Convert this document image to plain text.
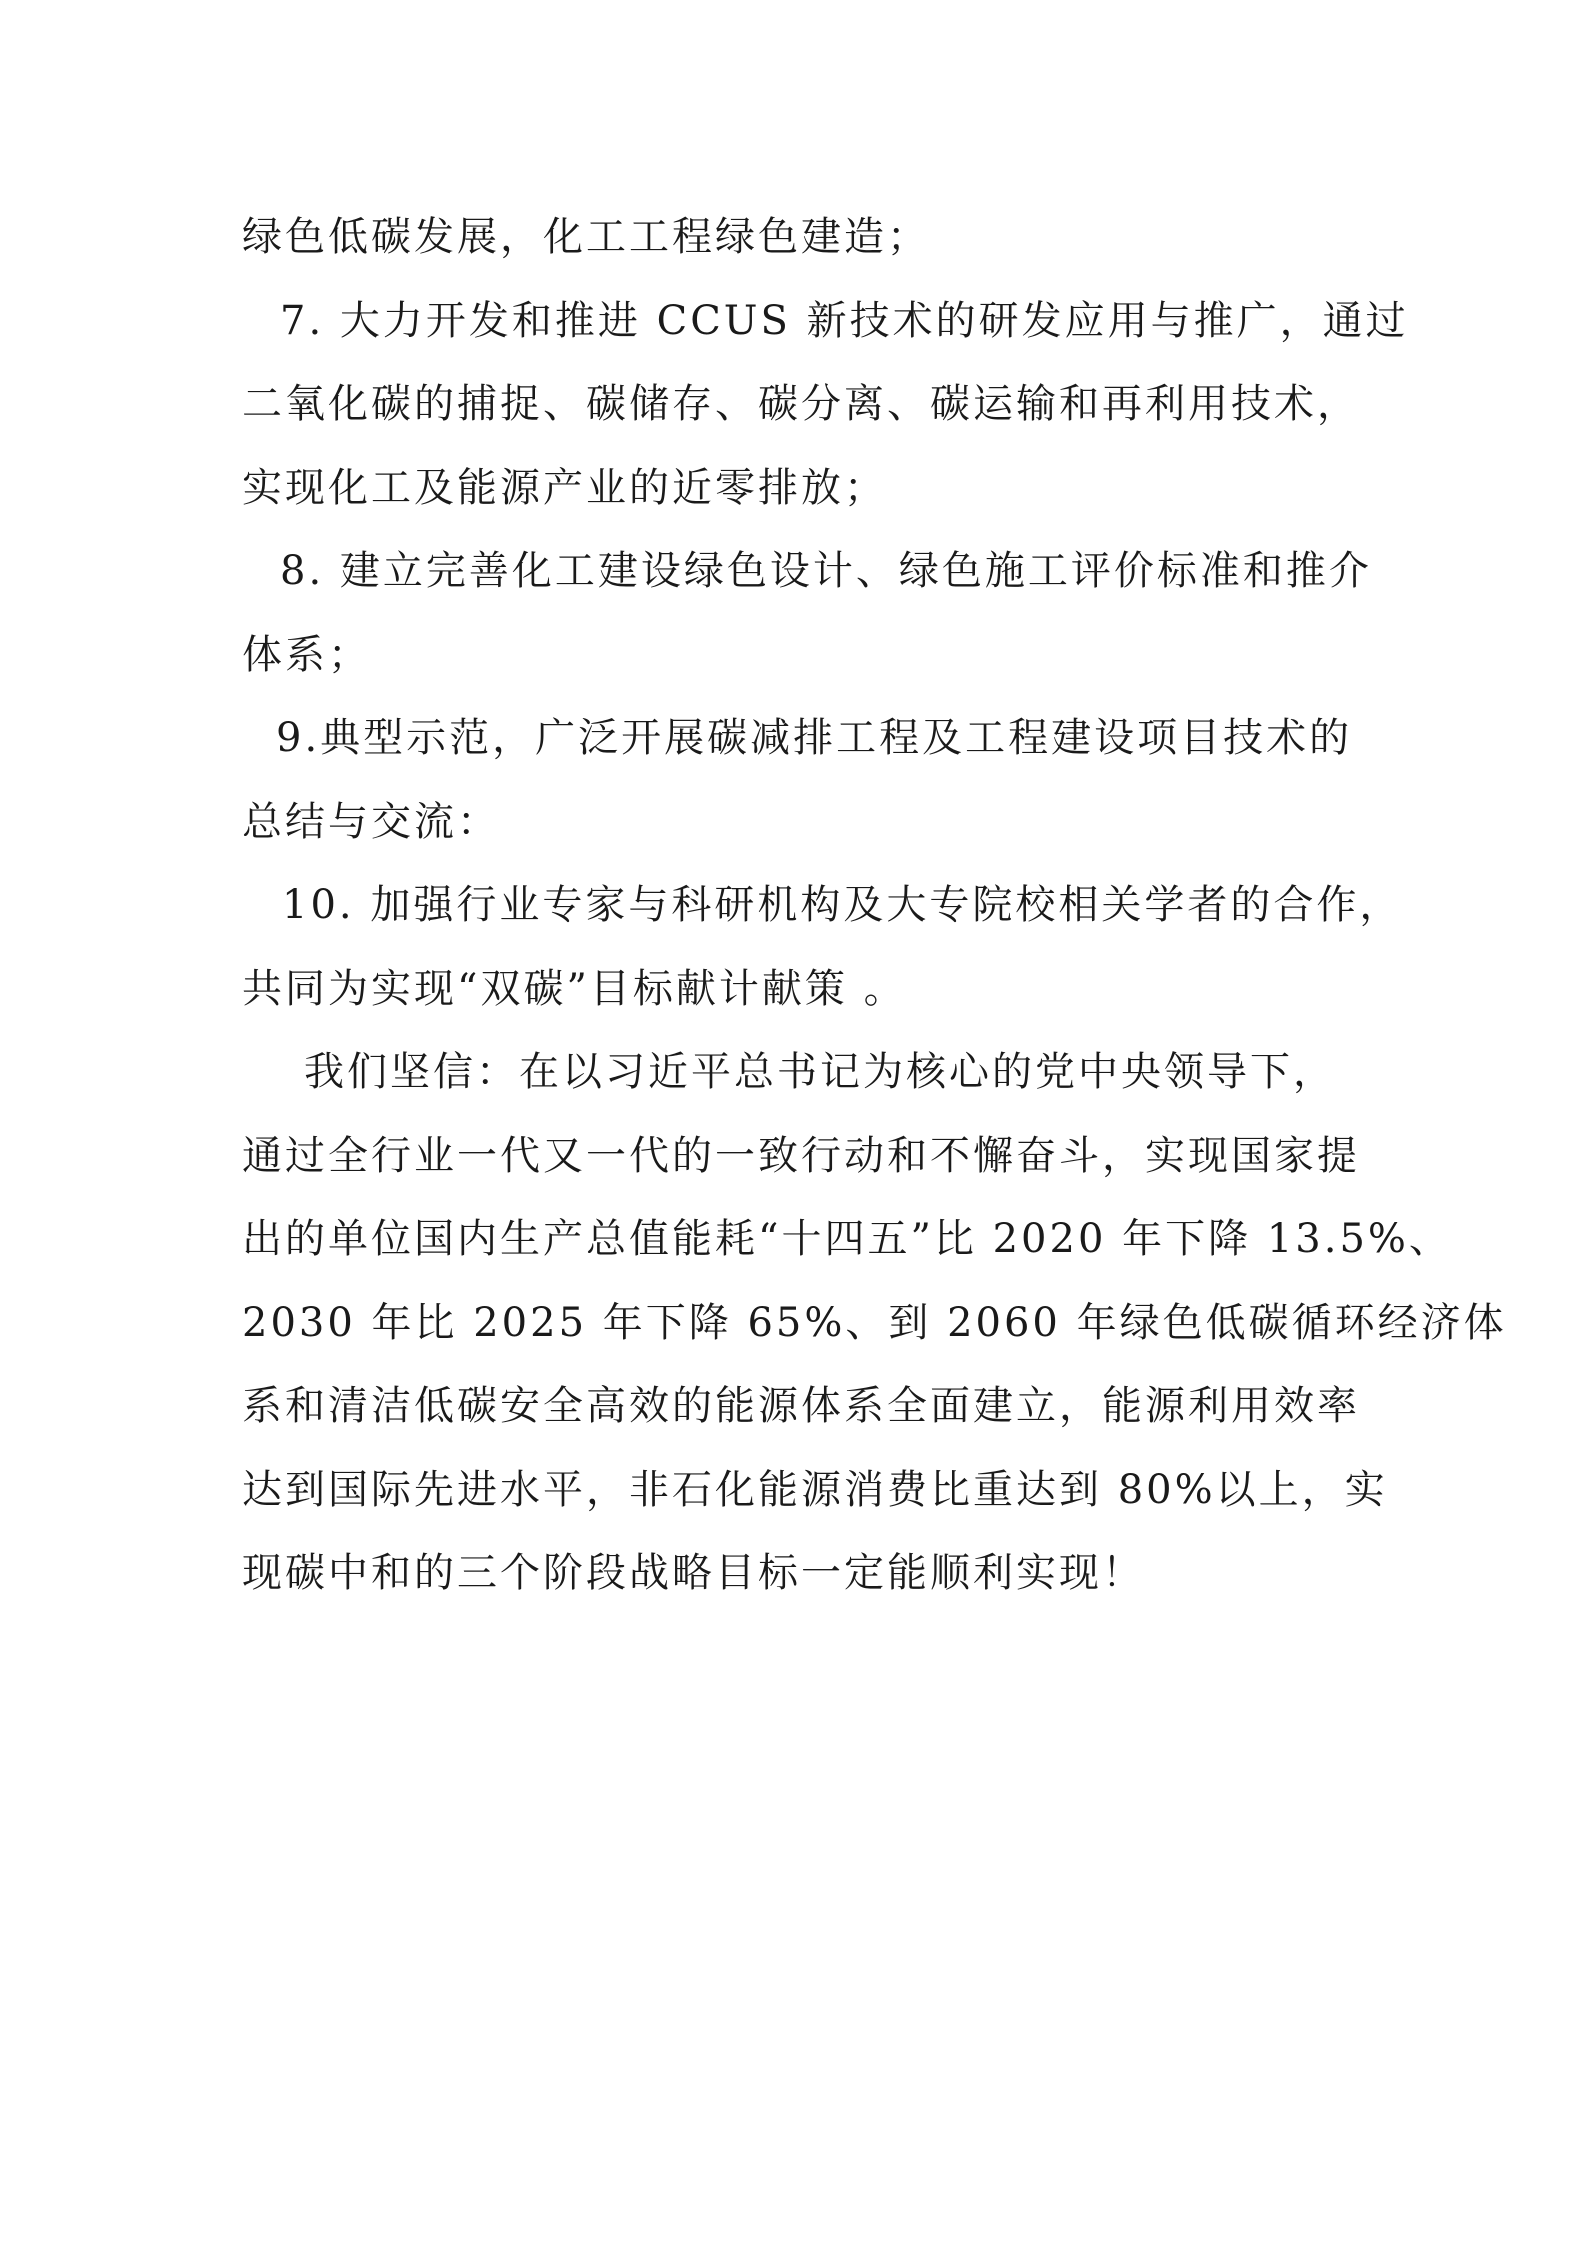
绿色低碳发展，化工工程绿色建造；
7. 大力开发和推进 CCUS 新技术的研发应用与推广，通过
二氧化碳的捕捉、碳储存、碳分离、碳运输和再利用技术，
实现化工及能源产业的近零排放；
8. 建立完善化工建设绿色设计、绿色施工评价标准和推介
体系；
9.典型示范，广泛开展碳减排工程及工程建设项目技术的
总结与交流：
10. 加强行业专家与科研机构及大专院校相关学者的合作，
共同为实现“双碳”目标献计献策 。
我们坚信：在以习近平总书记为核心的党中央领导下，
通过全行业一代又一代的一致行动和不懈奋斗，实现国家提
出的单位国内生产总值能耗“十四五”比 2020 年下降 13.5%、
2030 年比 2025 年下降 65%、到 2060 年绿色低碳循环经济体
系和清洁低碳安全高效的能源体系全面建立，能源利用效率
达到国际先进水平，非石化能源消费比重达到 80%以上，实
现碳中和的三个阶段战略目标一定能顺利实现！
